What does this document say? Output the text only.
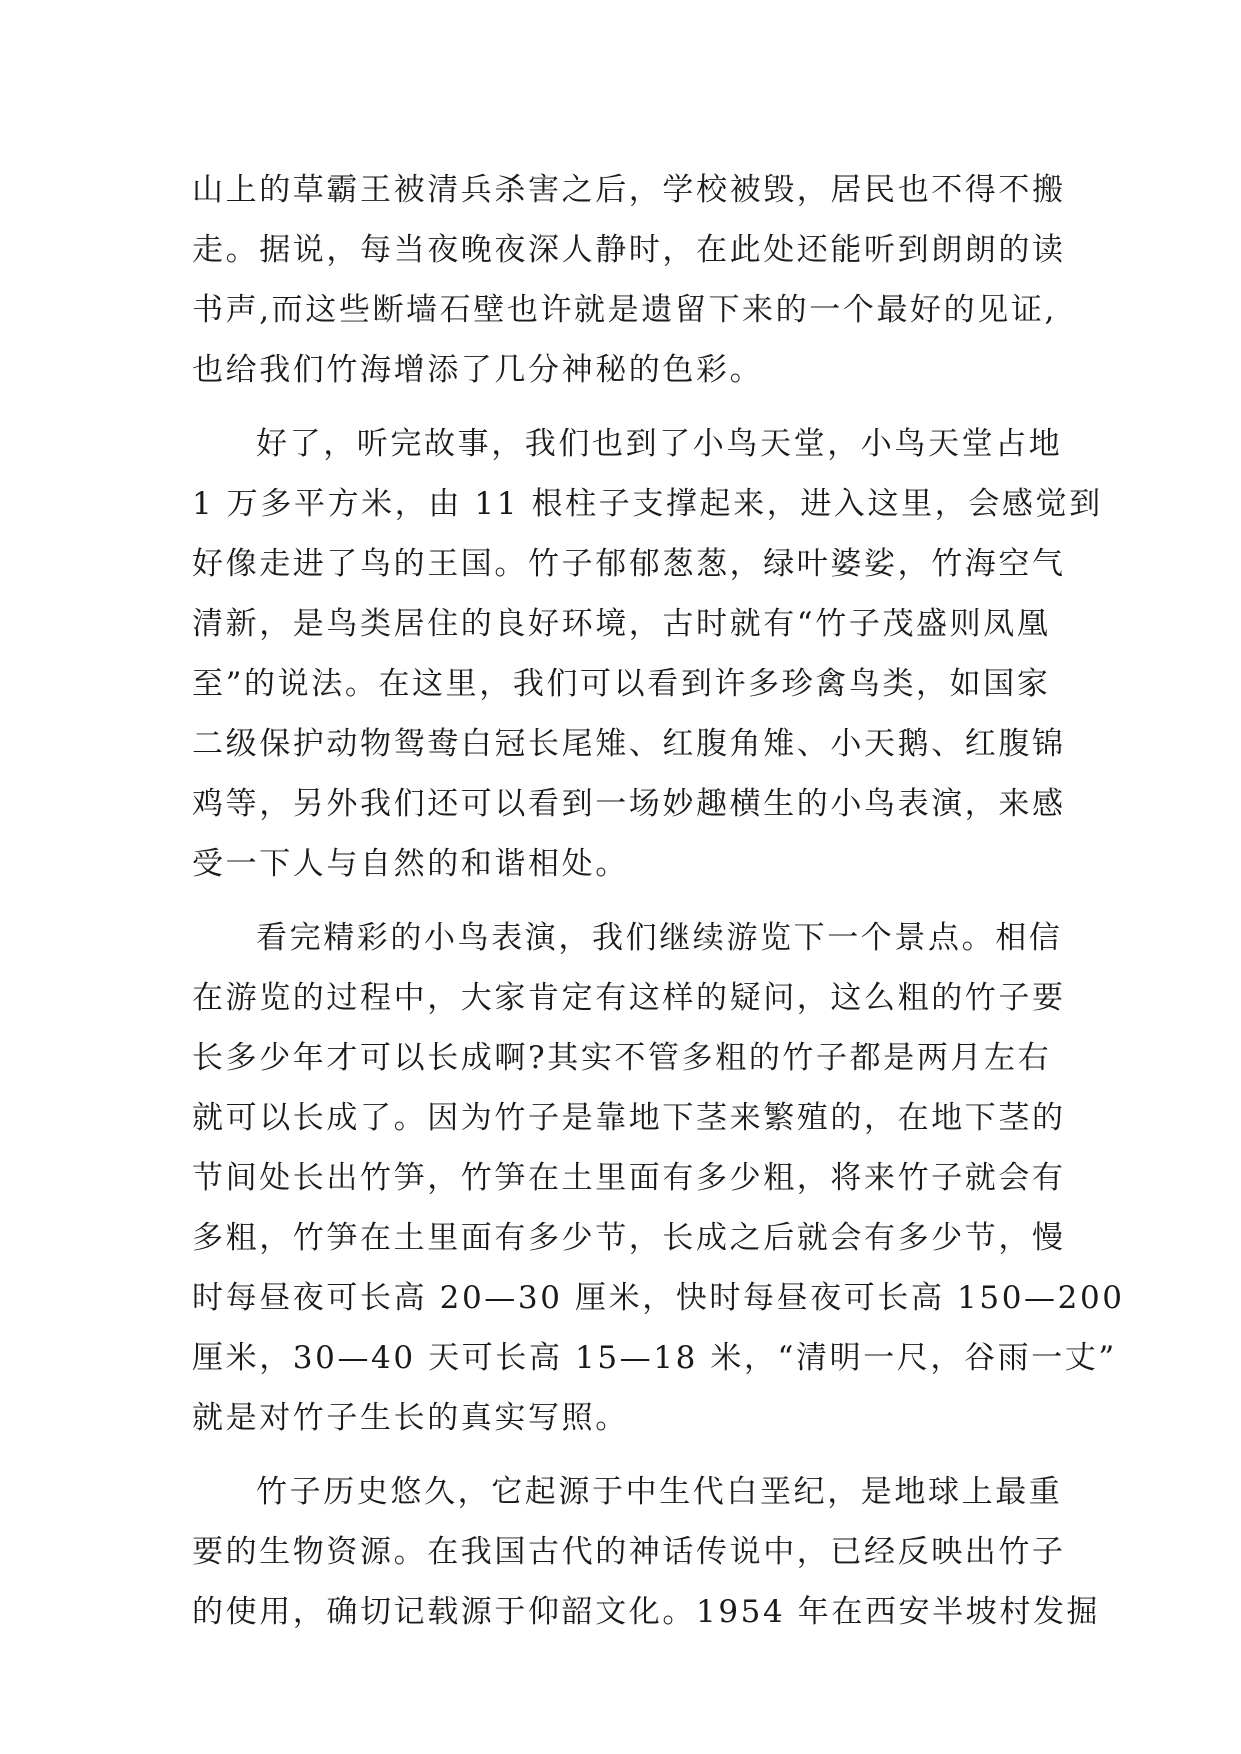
山上的草霸王被清兵杀害之后，学校被毁，居民也不得不搬
走。据说，每当夜晚夜深人静时，在此处还能听到朗朗的读
书声,而这些断墙石壁也许就是遗留下来的一个最好的见证,
也给我们竹海增添了几分神秘的色彩。
好了，听完故事，我们也到了小鸟天堂，小鸟天堂占地
1 万多平方米，由 11 根柱子支撑起来，进入这里，会感觉到
好像走进了鸟的王国。竹子郁郁葱葱，绿叶婆娑，竹海空气
清新，是鸟类居住的良好环境，古时就有“竹子茂盛则凤凰
至”的说法。在这里，我们可以看到许多珍禽鸟类，如国家
二级保护动物鸳鸯白冠长尾雉、红腹角雉、小天鹅、红腹锦
鸡等，另外我们还可以看到一场妙趣横生的小鸟表演，来感
受一下人与自然的和谐相处。
看完精彩的小鸟表演，我们继续游览下一个景点。相信
在游览的过程中，大家肯定有这样的疑问，这么粗的竹子要
长多少年才可以长成啊?其实不管多粗的竹子都是两月左右
就可以长成了。因为竹子是靠地下茎来繁殖的，在地下茎的
节间处长出竹笋，竹笋在土里面有多少粗，将来竹子就会有
多粗，竹笋在土里面有多少节，长成之后就会有多少节，慢
时每昼夜可长高 20—30 厘米，快时每昼夜可长高 150—200
厘米，30—40 天可长高 15—18 米，“清明一尺，谷雨一丈”
就是对竹子生长的真实写照。
竹子历史悠久，它起源于中生代白垩纪，是地球上最重
要的生物资源。在我国古代的神话传说中，已经反映出竹子
的使用，确切记载源于仰韶文化。1954 年在西安半坡村发掘
